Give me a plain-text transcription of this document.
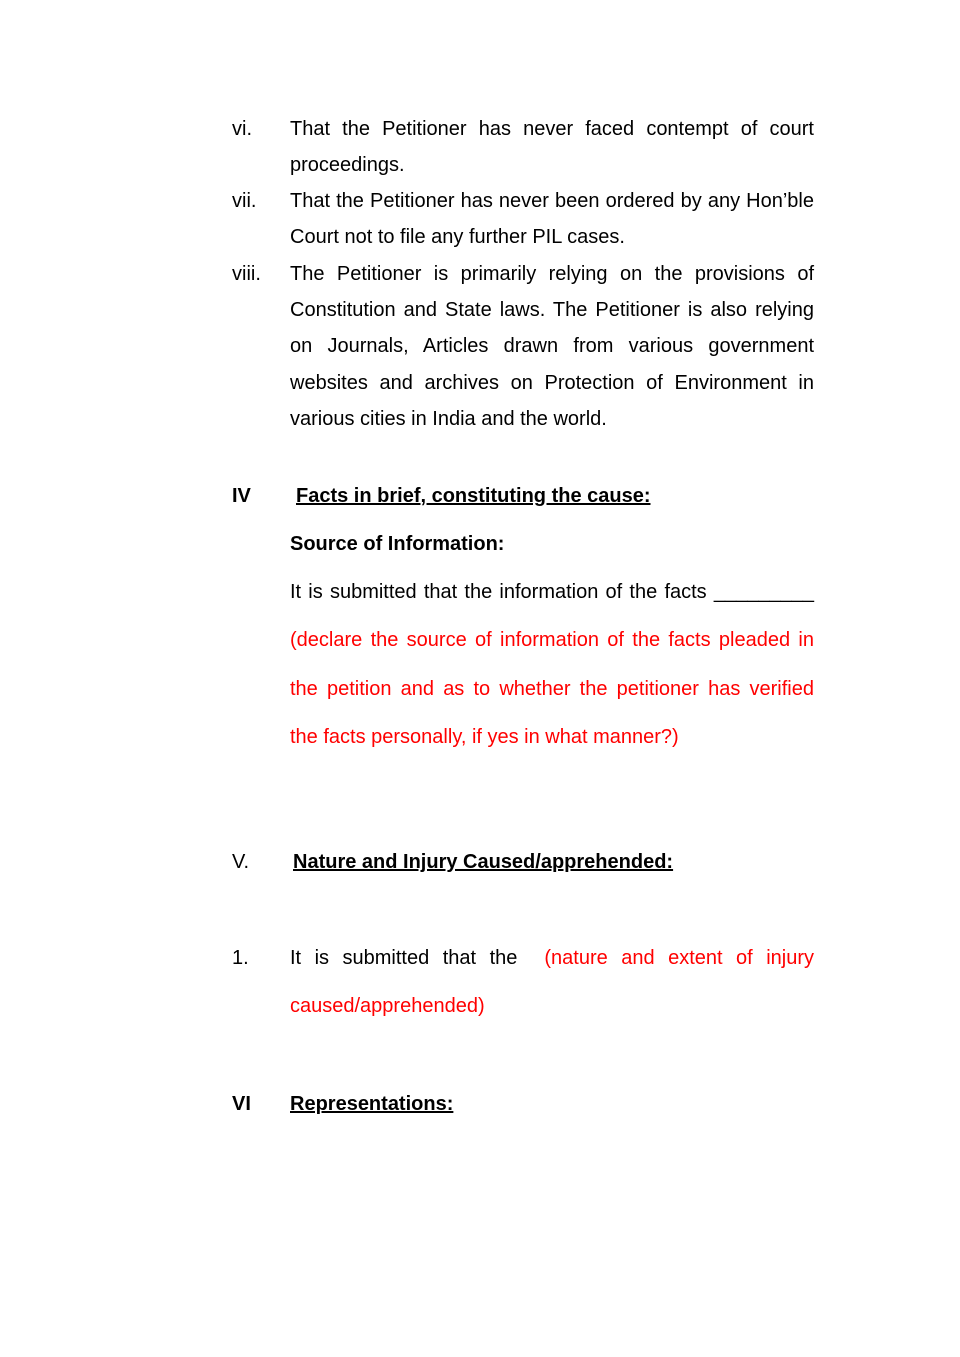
vi. That the Petitioner has never faced contempt of court proceedings.
vii. That the Petitioner has never been ordered by any Hon’ble Court not to file any further PIL cases.
viii. The Petitioner is primarily relying on the provisions of Constitution and State laws. The Petitioner is also relying on Journals, Articles drawn from various government websites and archives on Protection of Environment in various cities in India and the world.
IV Facts in brief, constituting the cause:
Source of Information:
It is submitted that the information of the facts _________ (declare the source of information of the facts pleaded in the petition and as to whether the petitioner has verified the facts personally, if yes in what manner?)
V. Nature and Injury Caused/apprehended:
1. It is submitted that the (nature and extent of injury caused/apprehended)
VI Representations:
